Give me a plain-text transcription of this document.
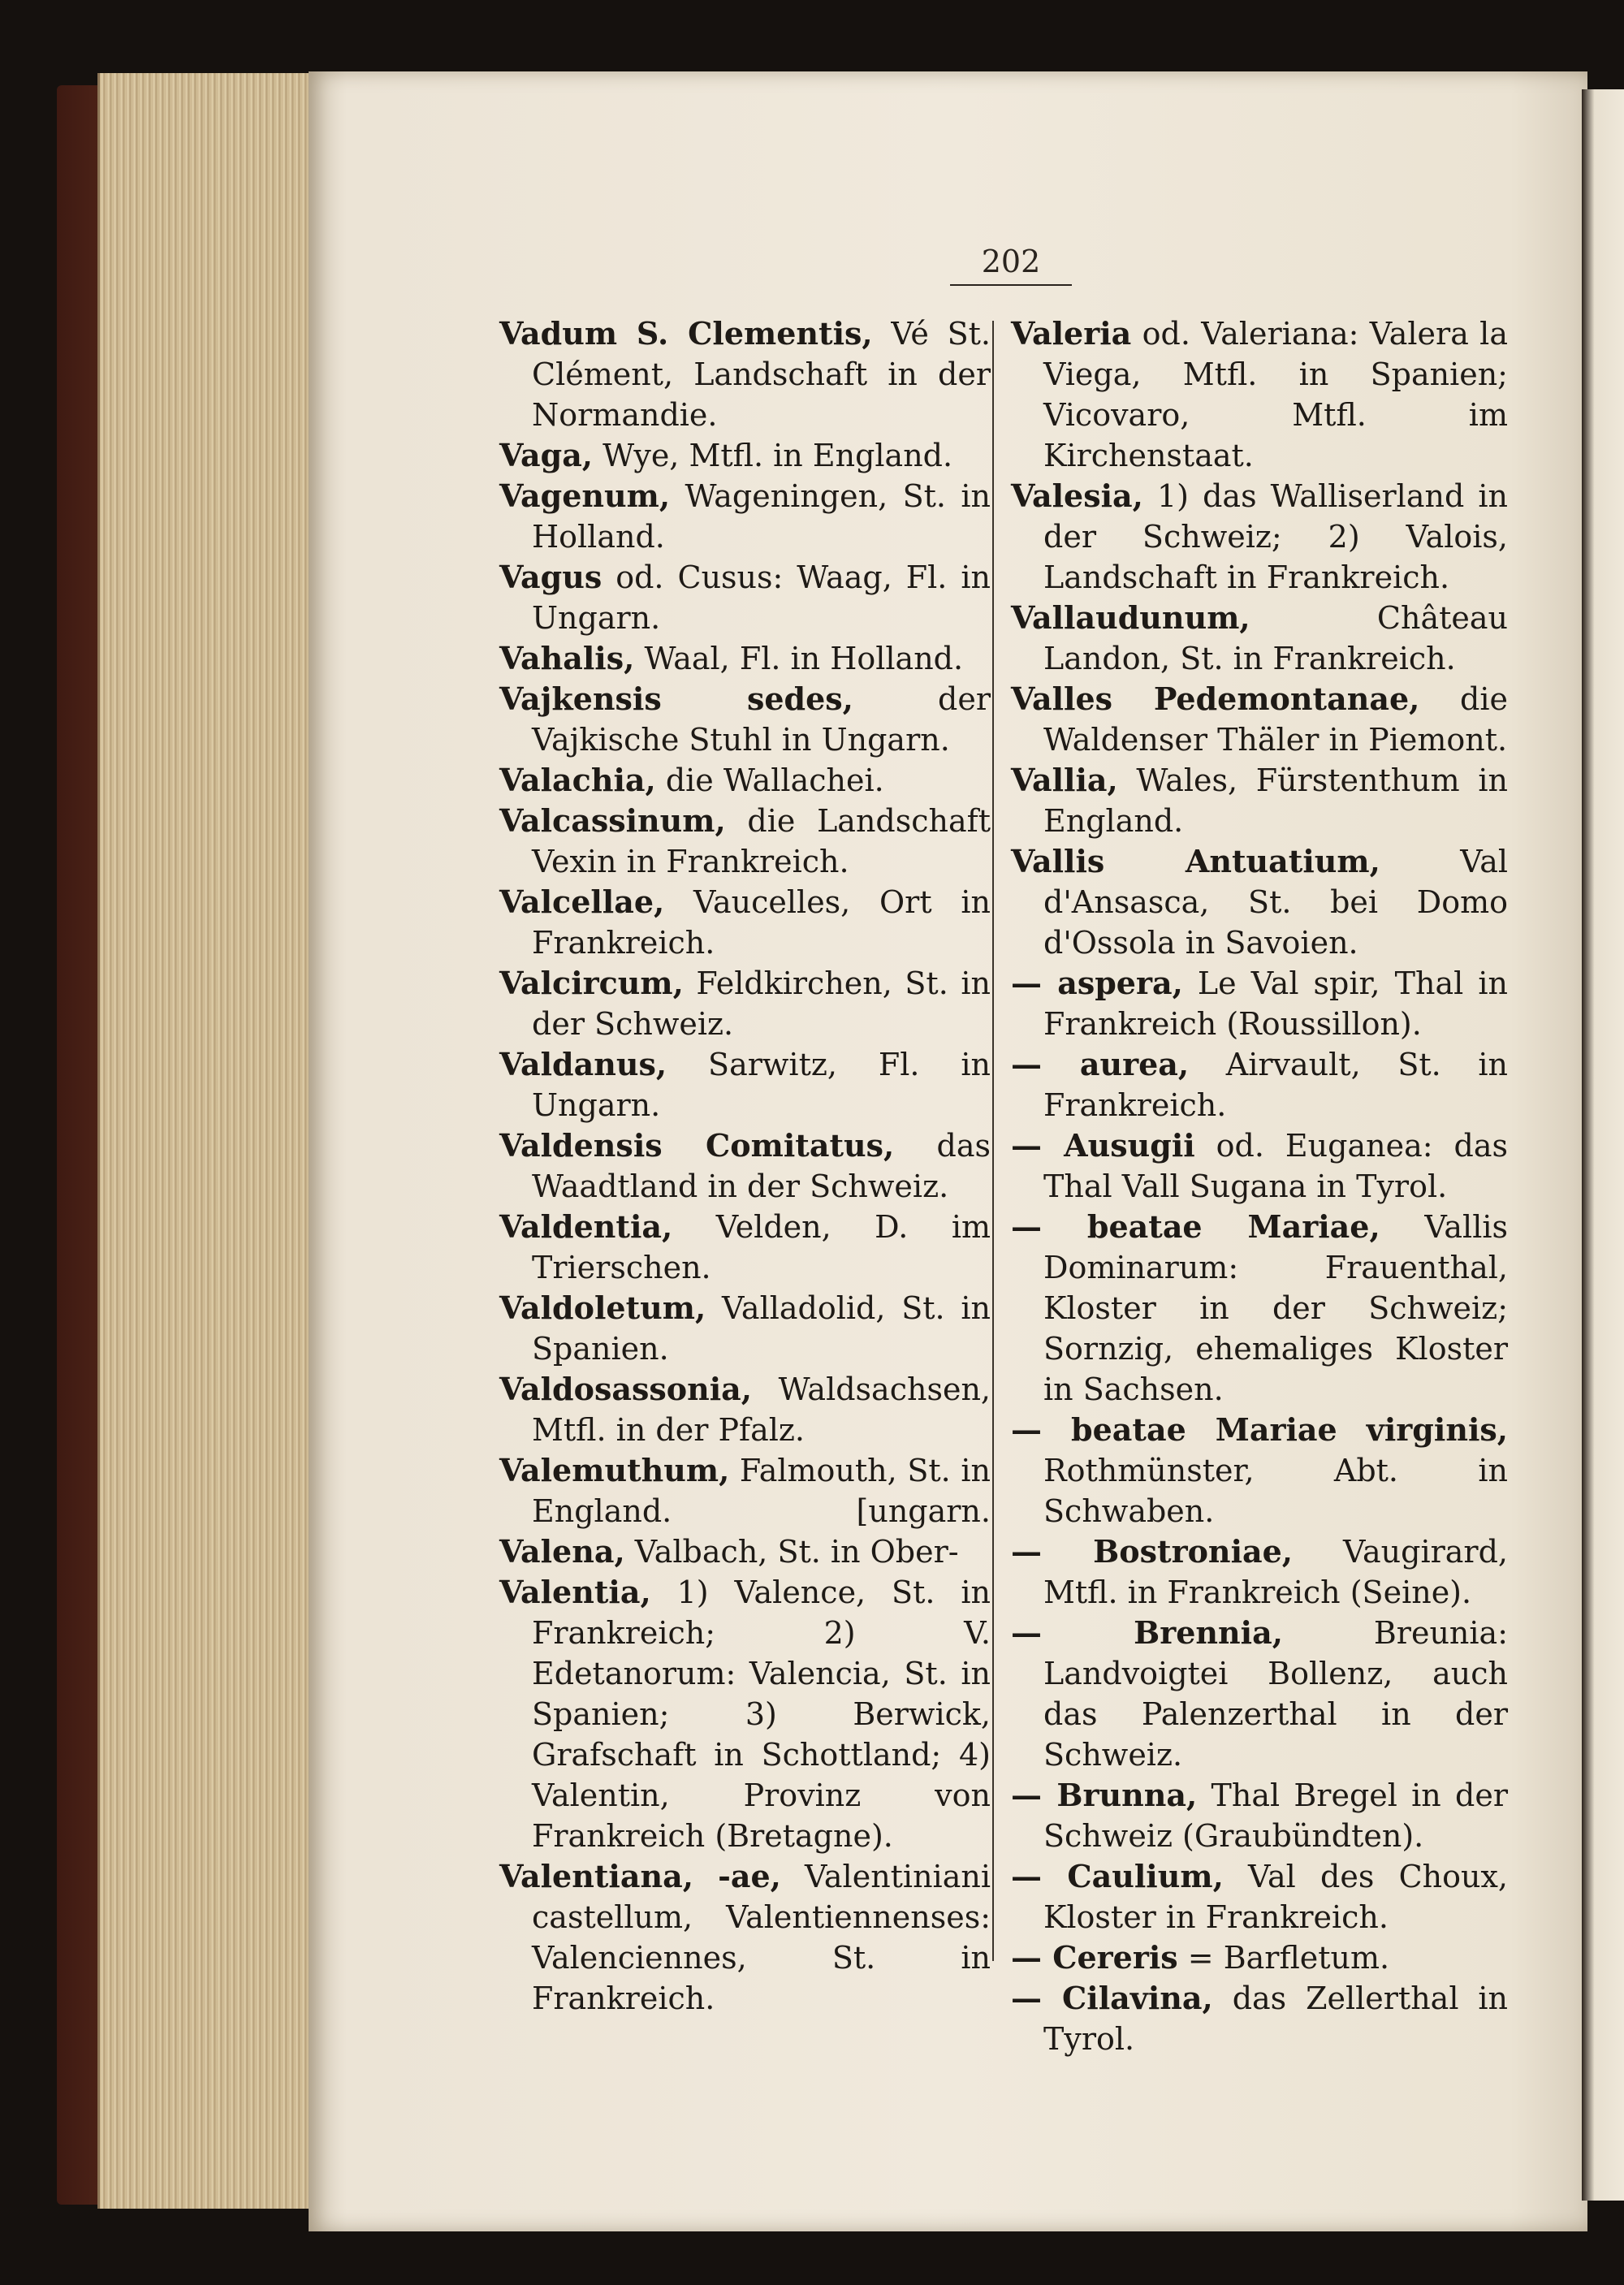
202
Vadum S. Clementis, Vé St. Clément, Landschaft in der Normandie.
Vaga, Wye, Mtfl. in England.
Vagenum, Wageningen, St. in Holland.
Vagus od. Cusus: Waag, Fl. in Ungarn.
Vahalis, Waal, Fl. in Holland.
Vajkensis sedes, der Vajkische Stuhl in Ungarn.
Valachia, die Wallachei.
Valcassinum, die Landschaft Vexin in Frankreich.
Valcellae, Vaucelles, Ort in Frankreich.
Valcircum, Feldkirchen, St. in der Schweiz.
Valdanus, Sarwitz, Fl. in Ungarn.
Valdensis Comitatus, das Waadtland in der Schweiz.
Valdentia, Velden, D. im Trierschen.
Valdoletum, Valladolid, St. in Spanien.
Valdosassonia, Waldsachsen, Mtfl. in der Pfalz.
Valemuthum, Falmouth, St. in England.	[ungarn.
Valena, Valbach, St. in Ober-
Valentia, 1) Valence, St. in Frankreich; 2) V. Edetanorum: Valencia, St. in Spanien; 3) Berwick, Grafschaft in Schottland; 4) Valentin, Provinz von Frankreich (Bretagne).
Valentiana, -ae, Valentiniani castellum, Valentiennenses: Valenciennes, St. in Frankreich.
Valeria od. Valeriana: Valera la Viega, Mtfl. in Spanien; Vicovaro, Mtfl. im Kirchenstaat.
Valesia, 1) das Walliserland in der Schweiz; 2) Valois, Landschaft in Frankreich.
Vallaudunum, Château Landon, St. in Frankreich.
Valles Pedemontanae, die Waldenser Thäler in Piemont.
Vallia, Wales, Fürstenthum in England.
Vallis Antuatium, Val d'Ansasca, St. bei Domo d'Ossola in Savoien.
— aspera, Le Val spir, Thal in Frankreich (Roussillon).
— aurea, Airvault, St. in Frankreich.
— Ausugii od. Euganea: das Thal Vall Sugana in Tyrol.
— beatae Mariae, Vallis Dominarum: Frauenthal, Kloster in der Schweiz; Sornzig, ehemaliges Kloster in Sachsen.
— beatae Mariae virginis, Rothmünster, Abt. in Schwaben.
— Bostroniae, Vaugirard, Mtfl. in Frankreich (Seine).
— Brennia, Breunia: Landvoigtei Bollenz, auch das Palenzerthal in der Schweiz.
— Brunna, Thal Bregel in der Schweiz (Graubündten).
— Caulium, Val des Choux, Kloster in Frankreich.
— Cereris = Barfletum.
— Cilavina, das Zellerthal in Tyrol.
